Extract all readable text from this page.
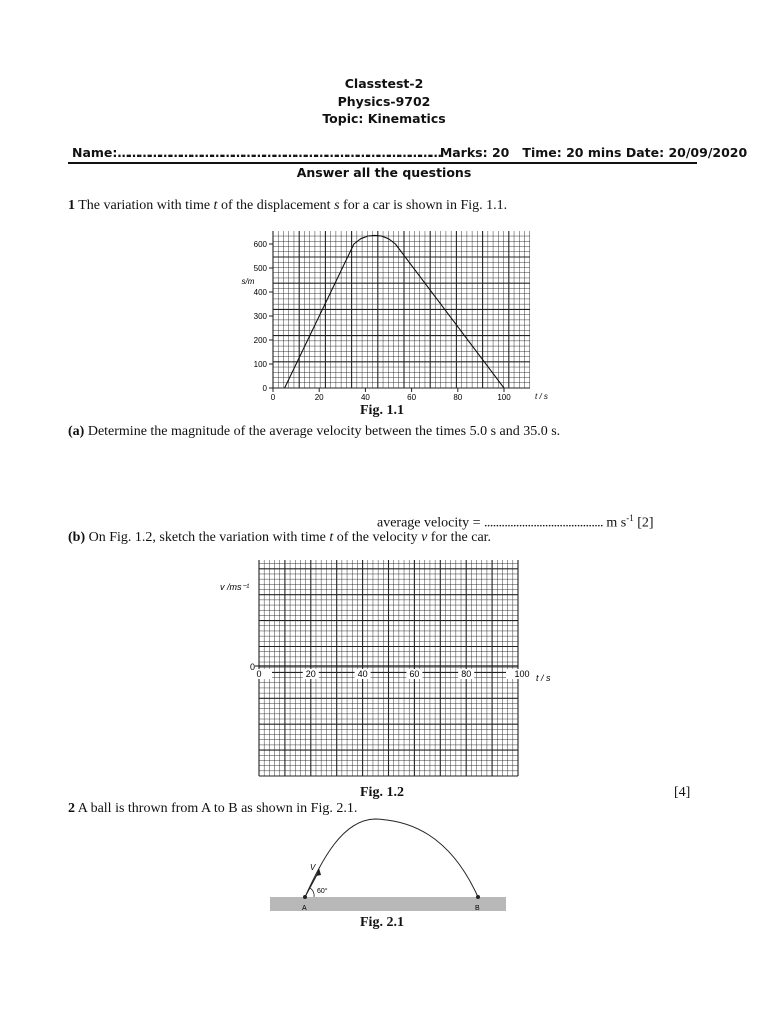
Classtest-2
Physics-9702
Topic: Kinematics
Name:…………………………………………………………………………………Marks: 20 Time: 20 mins Date: 20/09/2020
Answer all the questions
1 The variation with time t of the displacement s for a car is shown in Fig. 1.1.
0	20	40	60	80	100
0
100
200
300
400
500
600
s/m
t / s
Fig. 1.1
(a) Determine the magnitude of the average velocity between the times 5.0 s and 35.0 s.
average velocity = ......................................... m $s^{-1}$ [2]
(b) On Fig. 1.2, sketch the variation with time t of the velocity v for the car.
0
0	20	40	60	80	100
v /ms⁻¹
t / s
Fig. 1.2	[4]
2 A ball is thrown from A to B as shown in Fig. 2.1.
V
60°
A	B
Fig. 2.1
